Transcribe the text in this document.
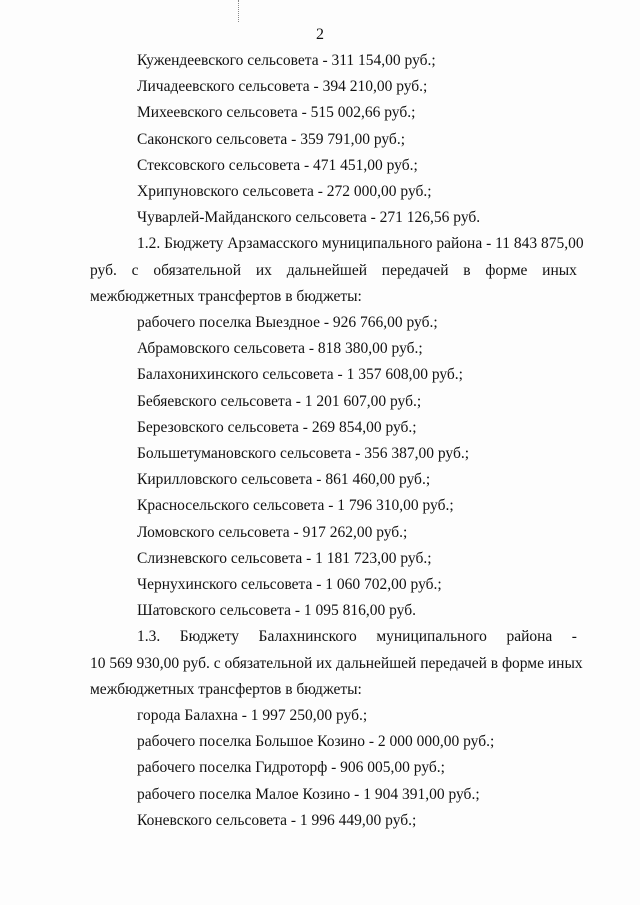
2
Кужендеевского сельсовета - 311 154,00 руб.;
Личадеевского сельсовета - 394 210,00 руб.;
Михеевского сельсовета - 515 002,66 руб.;
Саконского сельсовета - 359 791,00 руб.;
Стексовского сельсовета - 471 451,00 руб.;
Хрипуновского сельсовета - 272 000,00 руб.;
Чуварлей-Майданского сельсовета - 271 126,56 руб.
1.2. Бюджету Арзамасского муниципального района - 11 843 875,00
руб. с обязательной их дальнейшей передачей в форме иных
межбюджетных трансфертов в бюджеты:
рабочего поселка Выездное - 926 766,00 руб.;
Абрамовского сельсовета - 818 380,00 руб.;
Балахонихинского сельсовета - 1 357 608,00 руб.;
Бебяевского сельсовета - 1 201 607,00 руб.;
Березовского сельсовета - 269 854,00 руб.;
Большетумановского сельсовета - 356 387,00 руб.;
Кирилловского сельсовета - 861 460,00 руб.;
Красносельского сельсовета - 1 796 310,00 руб.;
Ломовского сельсовета - 917 262,00 руб.;
Слизневского сельсовета - 1 181 723,00 руб.;
Чернухинского сельсовета - 1 060 702,00 руб.;
Шатовского сельсовета - 1 095 816,00 руб.
1.3. Бюджету Балахнинского муниципального района -
10 569 930,00 руб. с обязательной их дальнейшей передачей в форме иных
межбюджетных трансфертов в бюджеты:
города Балахна - 1 997 250,00 руб.;
рабочего поселка Большое Козино - 2 000 000,00 руб.;
рабочего поселка Гидроторф - 906 005,00 руб.;
рабочего поселка Малое Козино - 1 904 391,00 руб.;
Коневского сельсовета - 1 996 449,00 руб.;
